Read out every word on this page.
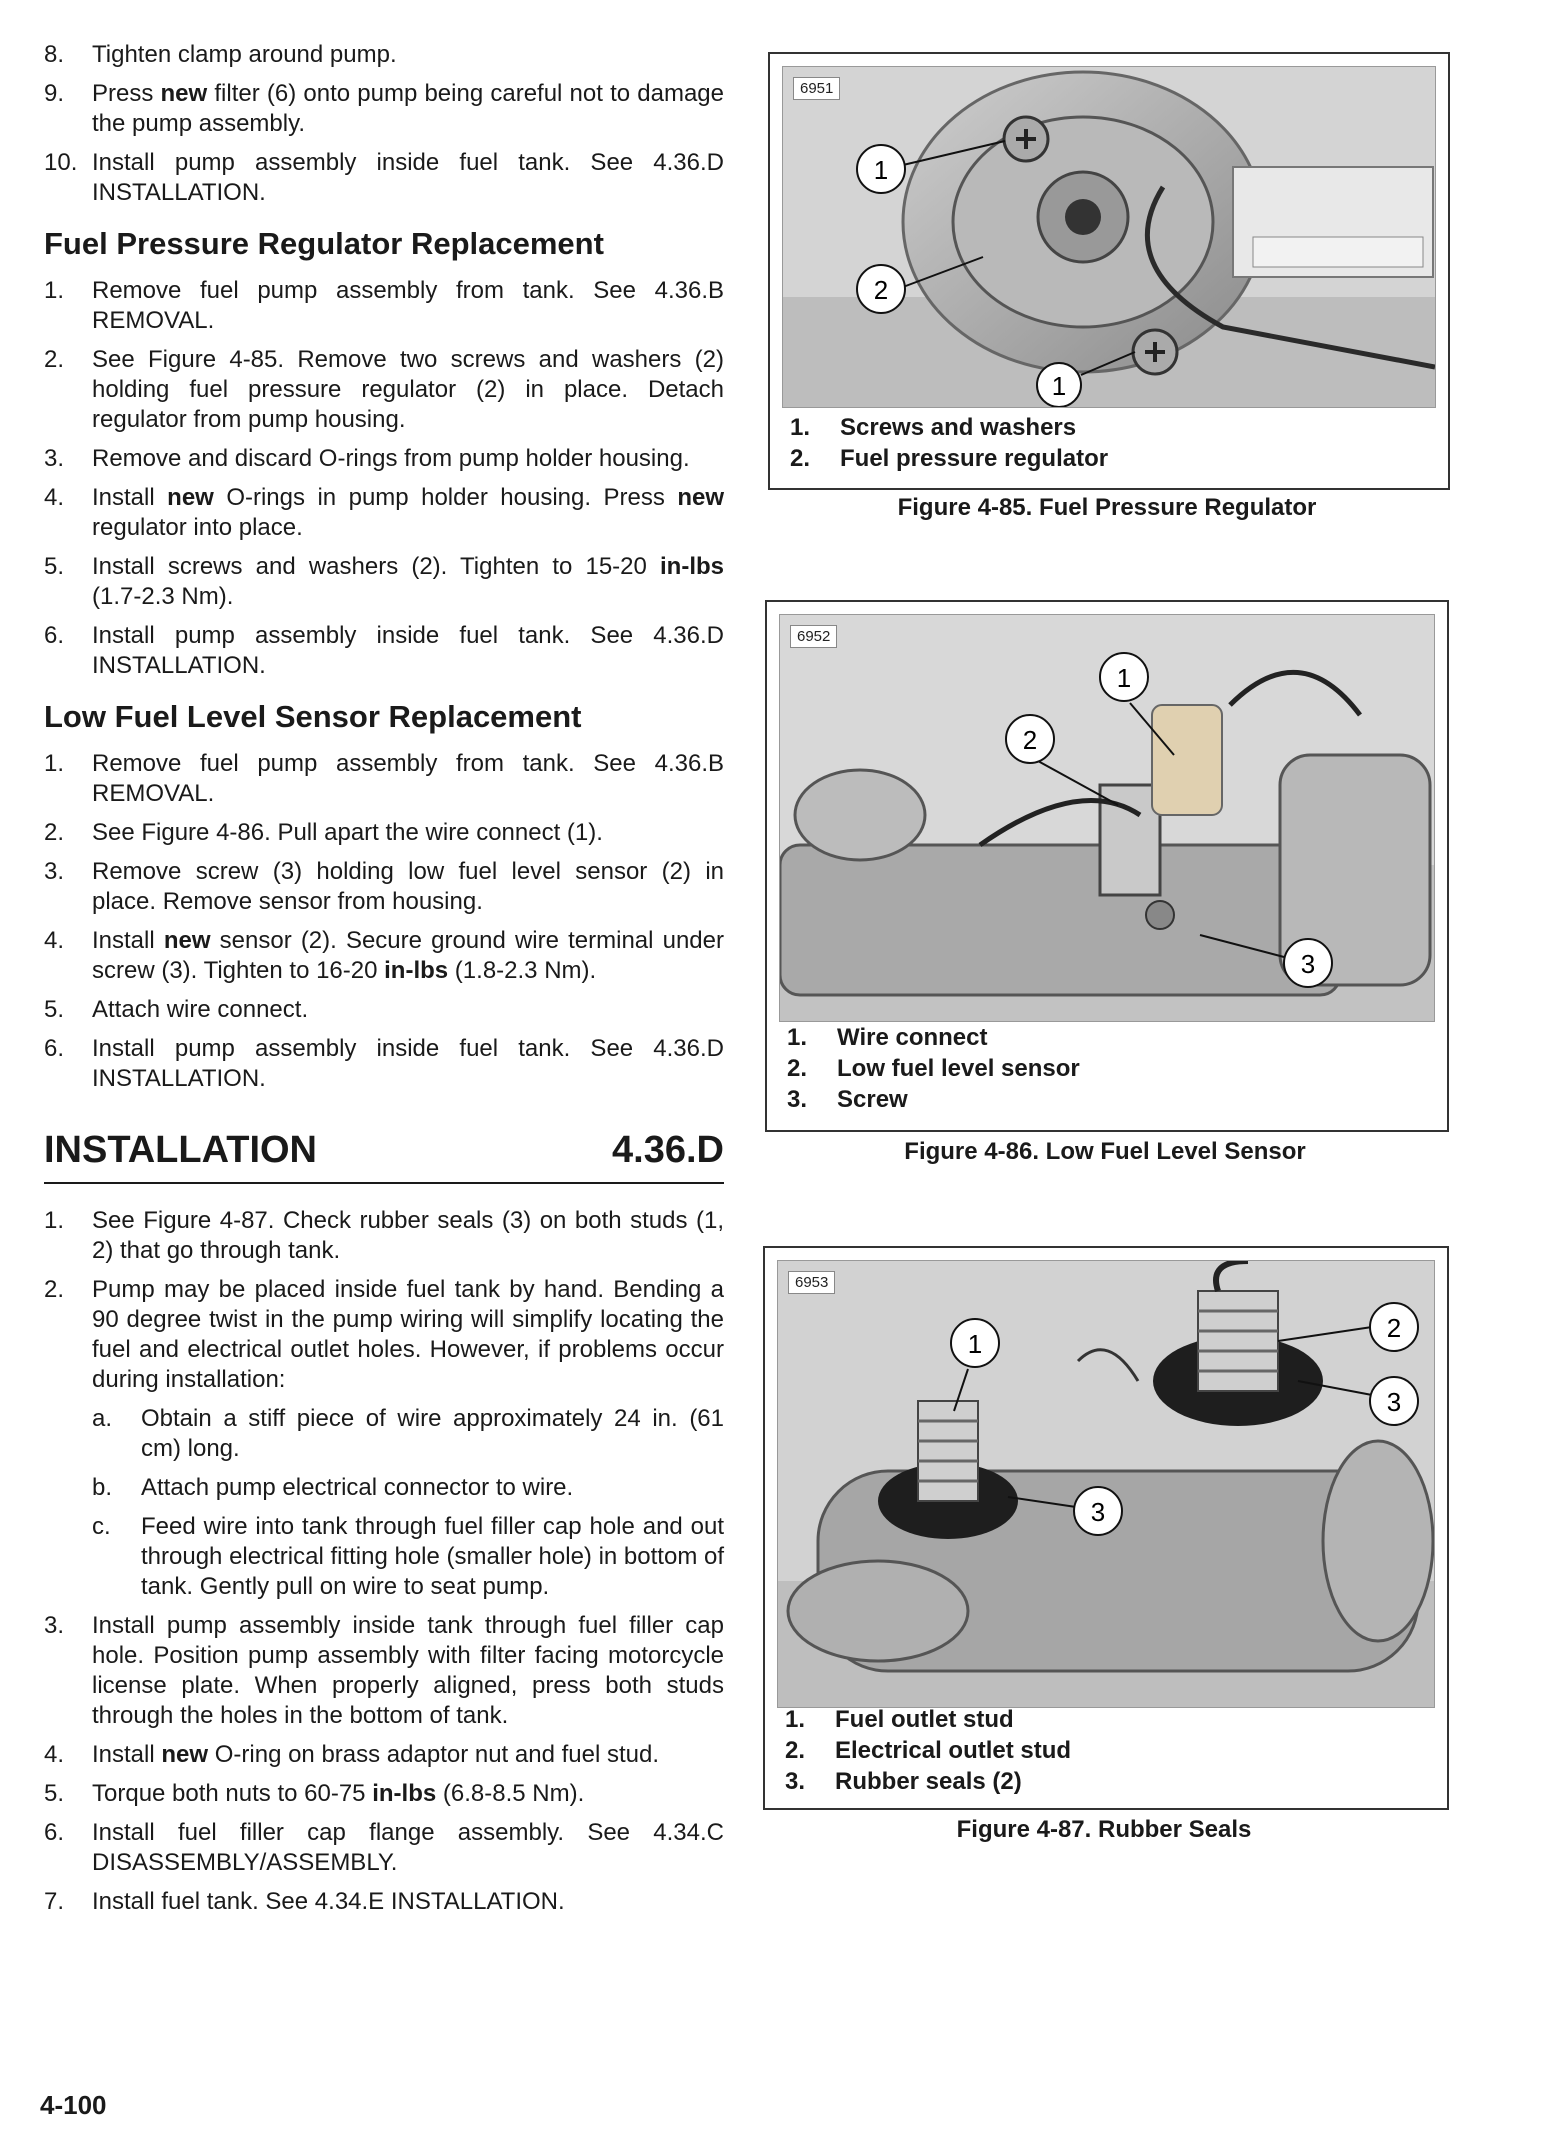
8.	Tighten clamp around pump.
9.	Press new filter (6) onto pump being careful not to damage the pump assembly.
10. Install pump assembly inside fuel tank. See 4.36.D INSTALLATION.
Fuel Pressure Regulator Replacement
1.	Remove fuel pump assembly from tank. See 4.36.B REMOVAL.
2.	See Figure 4-85. Remove two screws and washers (2) holding fuel pressure regulator (2) in place. Detach regulator from pump housing.
3.	Remove and discard O-rings from pump holder housing.
4.	Install new O-rings in pump holder housing. Press new regulator into place.
5.	Install screws and washers (2). Tighten to 15-20 in-lbs (1.7-2.3 Nm).
6.	Install pump assembly inside fuel tank. See 4.36.D INSTALLATION.
Low Fuel Level Sensor Replacement
1.	Remove fuel pump assembly from tank. See 4.36.B REMOVAL.
2.	See Figure 4-86. Pull apart the wire connect (1).
3.	Remove screw (3) holding low fuel level sensor (2) in place. Remove sensor from housing.
4.	Install new sensor (2). Secure ground wire terminal under screw (3). Tighten to 16-20 in-lbs (1.8-2.3 Nm).
5.	Attach wire connect.
6.	Install pump assembly inside fuel tank. See 4.36.D INSTALLATION.
INSTALLATION	4.36.D
1.	See Figure 4-87. Check rubber seals (3) on both studs (1, 2) that go through tank.
2.	Pump may be placed inside fuel tank by hand. Bending a 90 degree twist in the pump wiring will simplify locating the fuel and electrical outlet holes. However, if problems occur during installation:
a. Obtain a stiff piece of wire approximately 24 in. (61 cm) long.
b. Attach pump electrical connector to wire.
c. Feed wire into tank through fuel filler cap hole and out through electrical fitting hole (smaller hole) in bottom of tank. Gently pull on wire to seat pump.
3.	Install pump assembly inside tank through fuel filler cap hole. Position pump assembly with filter facing motorcycle license plate. When properly aligned, press both studs through the holes in the bottom of tank.
4.	Install new O-ring on brass adaptor nut and fuel stud.
5.	Torque both nuts to 60-75 in-lbs (6.8-8.5 Nm).
6.	Install fuel filler cap flange assembly. See 4.34.C DISASSEMBLY/ASSEMBLY.
7.	Install fuel tank. See 4.34.E INSTALLATION.
1
2
1
6951
1.	Screws and washers
2.	Fuel pressure regulator
Figure 4-85. Fuel Pressure Regulator
1
2
3
6952
1.	Wire connect
2.	Low fuel level sensor
3.	Screw
Figure 4-86. Low Fuel Level Sensor
2
1
3
3
6953
1.	Fuel outlet stud
2.	Electrical outlet stud
3.	Rubber seals (2)
Figure 4-87. Rubber Seals
4-100
